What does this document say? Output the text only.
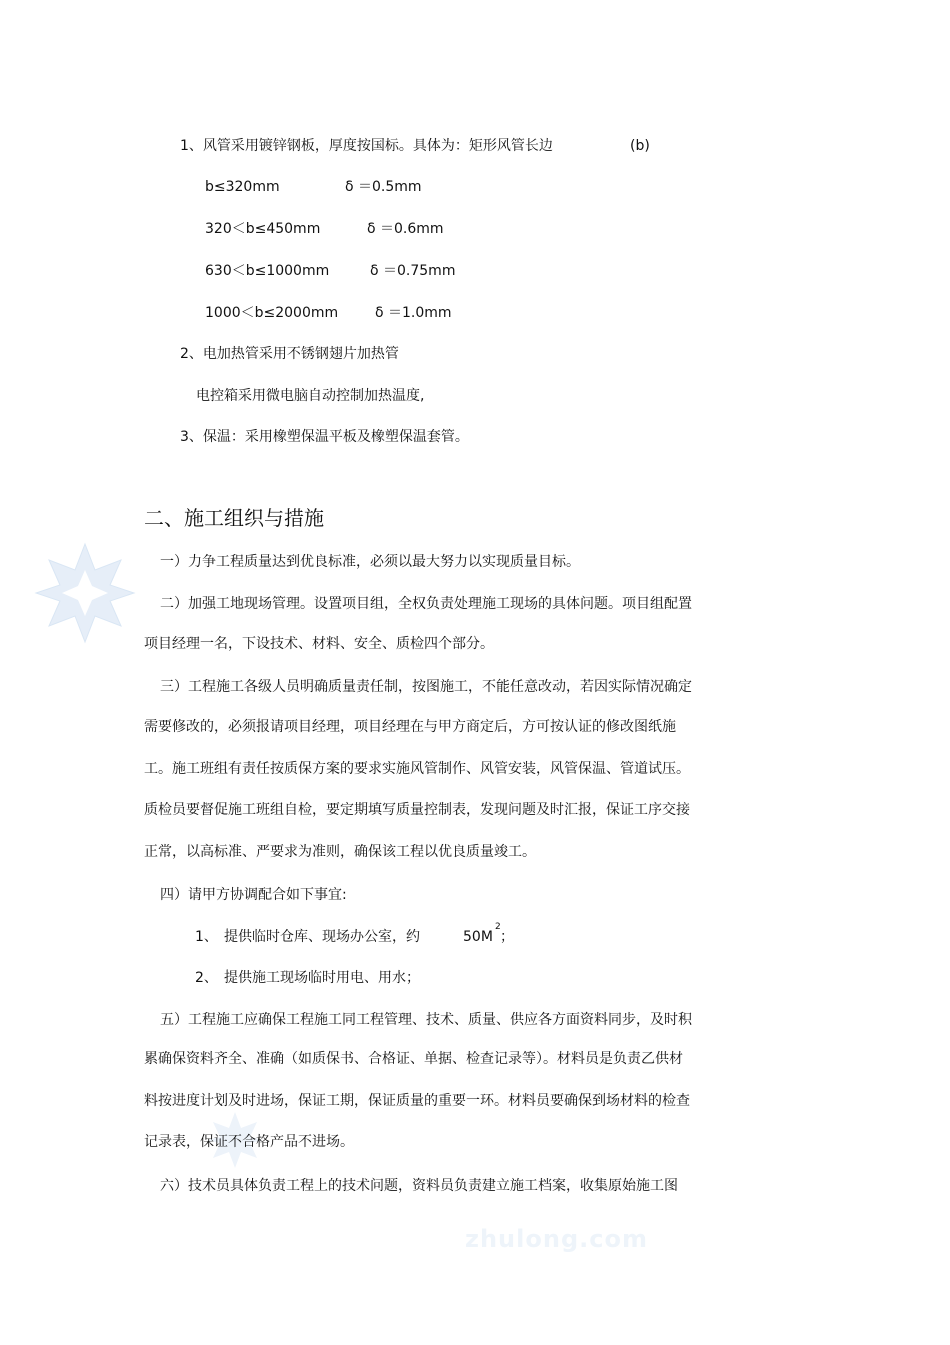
zhulong.com
1、风管采用镀锌钢板，厚度按国标。具体为：矩形风管长边	(b)
b≤320mm	δ ＝0.5mm
320＜b≤450mm	δ ＝0.6mm
630＜b≤1000mm	δ ＝0.75mm
1000＜b≤2000mm	δ ＝1.0mm
2、电加热管采用不锈钢翅片加热管
电控箱采用微电脑自动控制加热温度,
3、保温：采用橡塑保温平板及橡塑保温套管。
二、施工组织与措施
一）力争工程质量达到优良标准，必须以最大努力以实现质量目标。
二）加强工地现场管理。设置项目组，全权负责处理施工现场的具体问题。项目组配置
项目经理一名，下设技术、材料、安全、质检四个部分。
三）工程施工各级人员明确质量责任制，按图施工，不能任意改动，若因实际情况确定
需要修改的，必须报请项目经理，项目经理在与甲方商定后，方可按认证的修改图纸施
工。施工班组有责任按质保方案的要求实施风管制作、风管安装，风管保温、管道试压。
质检员要督促施工班组自检，要定期填写质量控制表，发现问题及时汇报，保证工序交接
正常，以高标准、严要求为准则，确保该工程以优良质量竣工。
四）请甲方协调配合如下事宜:
1、 提供临时仓库、现场办公室，约	50M
2
；
2、 提供施工现场临时用电、用水；
五）工程施工应确保工程施工同工程管理、技术、质量、供应各方面资料同步，及时积
累确保资料齐全、准确（如质保书、合格证、单据、检查记录等）。材料员是负责乙供材
料按进度计划及时进场，保证工期，保证质量的重要一环。材料员要确保到场材料的检查
记录表，保证不合格产品不进场。
六）技术员具体负责工程上的技术问题，资料员负责建立施工档案，收集原始施工图
